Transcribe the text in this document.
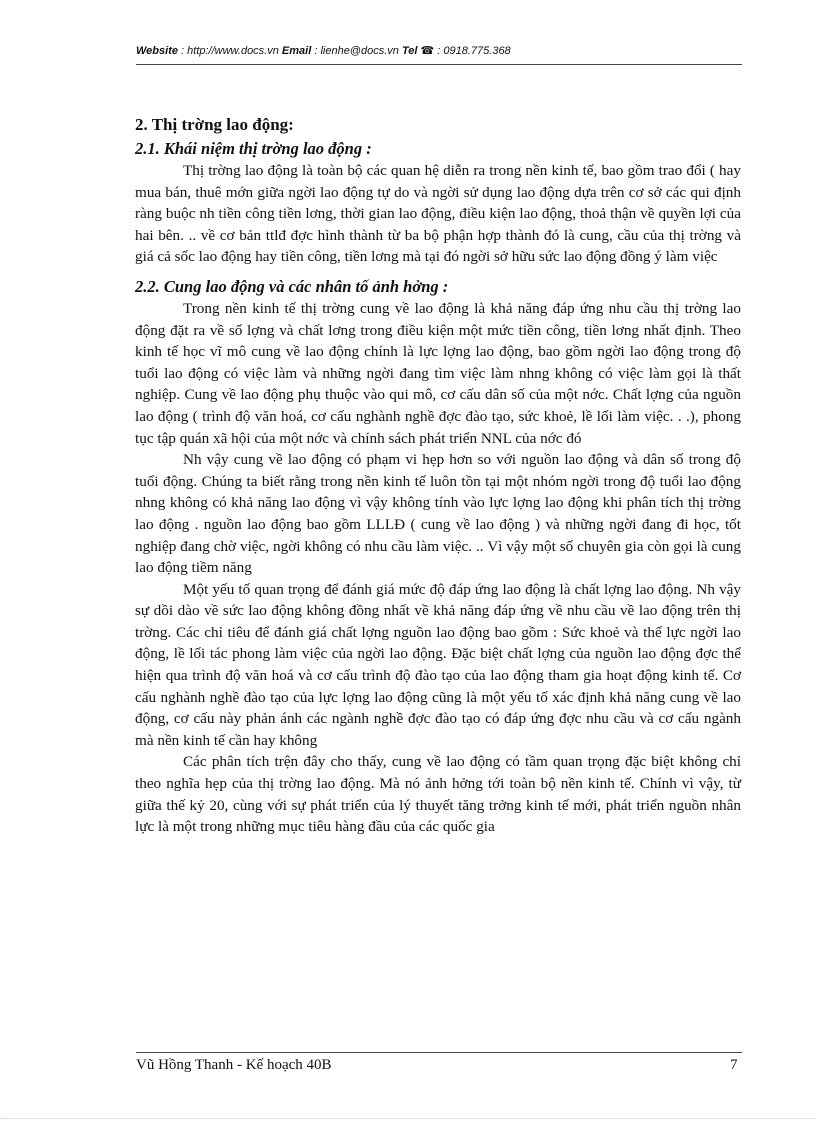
Website : http://www.docs.vn Email : lienhe@docs.vn Tel ☎ : 0918.775.368
2. Thị trờng lao động:
2.1. Khái niệm thị trờng lao động :

Thị trờng lao động là toàn bộ các quan hệ diễn ra trong nền kinh tế, bao gồm trao đổi ( hay mua bán, thuê mớn giữa ngời lao động tự do và ngời sử dụng lao động dựa trên cơ sở các qui định ràng buộc nh tiền công tiền lơng, thời gian lao động, điều kiện lao động, thoả thận về quyền lợi của hai bên. .. về cơ bản ttlđ đợc hình thành từ ba bộ phận hợp thành đó là cung, cầu của thị trờng và giá cả sốc lao động hay tiền công, tiền lơng mà tại đó ngời sở hữu sức lao động đồng ý làm việc

2.2. Cung lao động và các nhân tố ảnh hởng :

Trong nền kinh tế thị trờng cung về lao động là khả năng đáp ứng nhu cầu thị trờng lao động đặt ra về số lợng và chất lơng trong điều kiện một mức tiền công, tiền lơng nhất định. Theo kinh tế học vĩ mô cung về lao động chính là lực lợng lao động, bao gồm ngời lao động trong độ tuổi lao động có việc làm và những ngời đang tìm việc làm nhng không có việc làm gọi là thất nghiệp. Cung về lao động phụ thuộc vào qui mô, cơ cấu dân số của một nớc. Chất lợng của nguồn lao động ( trình độ văn hoá, cơ cấu nghành nghề đợc đào tạo, sức khoẻ, lề lối làm việc. . .), phong tục tập quán xã hội của một nớc và chính sách phát triển NNL của nớc đó

Nh vậy cung về lao động có phạm vi hẹp hơn so với nguồn lao động và dân số trong độ tuổi động. Chúng ta biết rằng trong nền kinh tế luôn tồn tại một nhóm ngời trong độ tuổi lao động nhng không có khả năng lao động vì vậy không tính vào lực lợng lao động khi phân tích thị trờng lao động . nguồn lao động bao gồm LLLĐ ( cung về lao động ) và những ngời đang đi học, tốt nghiệp đang chờ việc, ngời không có nhu cầu làm việc. .. Vì vậy một số chuyên gia còn gọi là cung lao động tiềm năng

Một yếu tố quan trọng để đánh giá mức độ đáp ứng lao động là chất lợng lao động. Nh vậy sự dồi dào về sức lao động không đồng nhất về khả năng đáp ứng về nhu cầu về lao động trên thị trờng. Các chỉ tiêu để đánh giá chất lợng nguồn lao động bao gồm : Sức khoẻ và thể lực ngời lao động, lề lối tác phong làm việc của ngời lao động. Đặc biệt chất lợng của nguồn lao động đợc thể hiện qua trình độ văn hoá và cơ cấu trình độ đào tạo của lao động tham gia hoạt động kinh tế. Cơ cấu nghành nghề đào tạo của lực lợng lao động cũng là một yếu tố xác định khả năng cung về lao động, cơ cấu này phản ánh các ngành nghề đợc đào tạo có đáp ứng đợc nhu cầu và cơ cấu ngành mà nền kinh tế cần hay không

Các phân tích trện đây cho thấy, cung về lao động có tầm quan trọng đặc biệt không chỉ theo nghĩa hẹp của thị trờng lao động. Mà nó ảnh hởng tới toàn bộ nền kinh tế. Chính vì vậy, từ giữa thế kỷ 20, cùng với sự phát triển của lý thuyết tăng trởng kinh tế mới, phát triển nguồn nhân lực là một trong những mục tiêu hàng đầu của các quốc gia

Vũ Hồng Thanh - Kế hoạch 40B	7
